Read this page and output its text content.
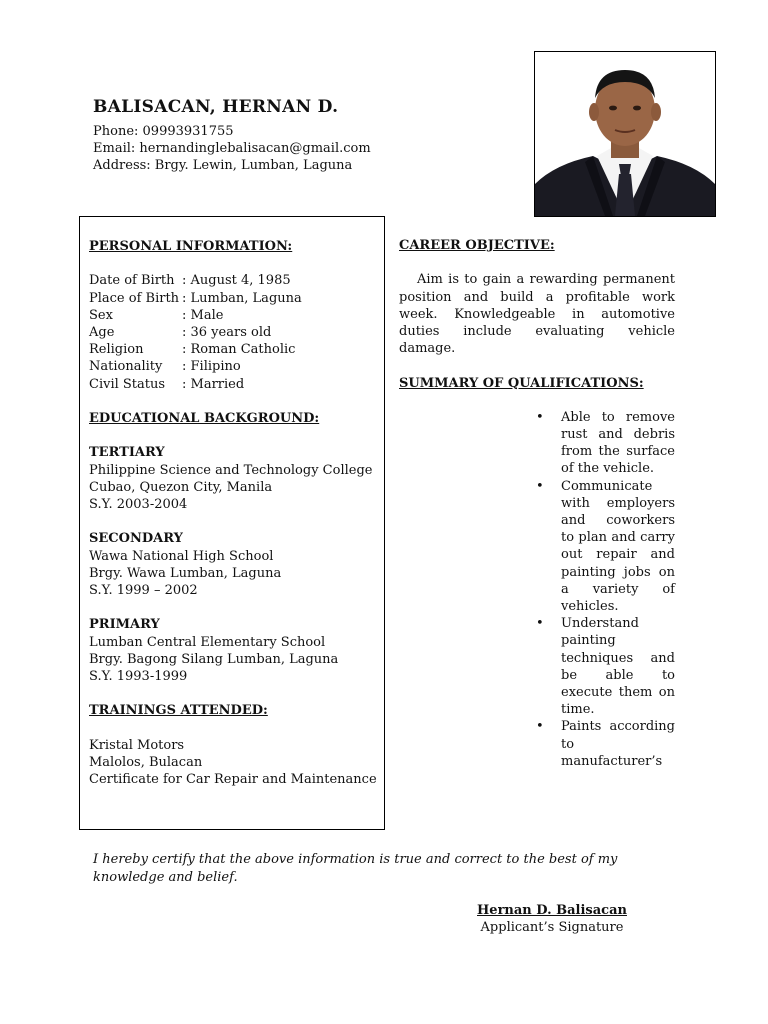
BALISACAN, HERNAN D.
Phone: 09993931755
Email: hernandinglebalisacan@gmail.com
Address: Brgy. Lewin, Lumban, Laguna
PERSONAL INFORMATION:
Date of Birth : August 4, 1985
Place of Birth : Lumban, Laguna
Sex	: Male
Age	: 36 years old
Religion	: Roman Catholic
Nationality	: Filipino
Civil Status	: Married
EDUCATIONAL BACKGROUND:
TERTIARY
Philippine Science and Technology College
Cubao, Quezon City, Manila
S.Y. 2003-2004
SECONDARY
Wawa National High School
Brgy. Wawa Lumban, Laguna
S.Y. 1999 – 2002
PRIMARY
Lumban Central Elementary School
Brgy. Bagong Silang Lumban, Laguna
S.Y. 1993-1999
TRAININGS ATTENDED:
Kristal Motors
Malolos, Bulacan
Certificate for Car Repair and Maintenance
CAREER OBJECTIVE:
Aim is to gain a rewarding permanent position and build a profitable work week. Knowledgeable in automotive duties include evaluating vehicle damage.
SUMMARY OF QUALIFICATIONS:
• Able to remove rust and debris from the surface of the vehicle.
• Communicate with employers and coworkers to plan and carry out repair and painting jobs on a variety of vehicles.
• Understand painting techniques and be able to execute them on time.
• Paints according to manufacturer’s
I hereby certify that the above information is true and correct to the best of my knowledge and belief.
Hernan D. Balisacan
Applicant’s Signature
